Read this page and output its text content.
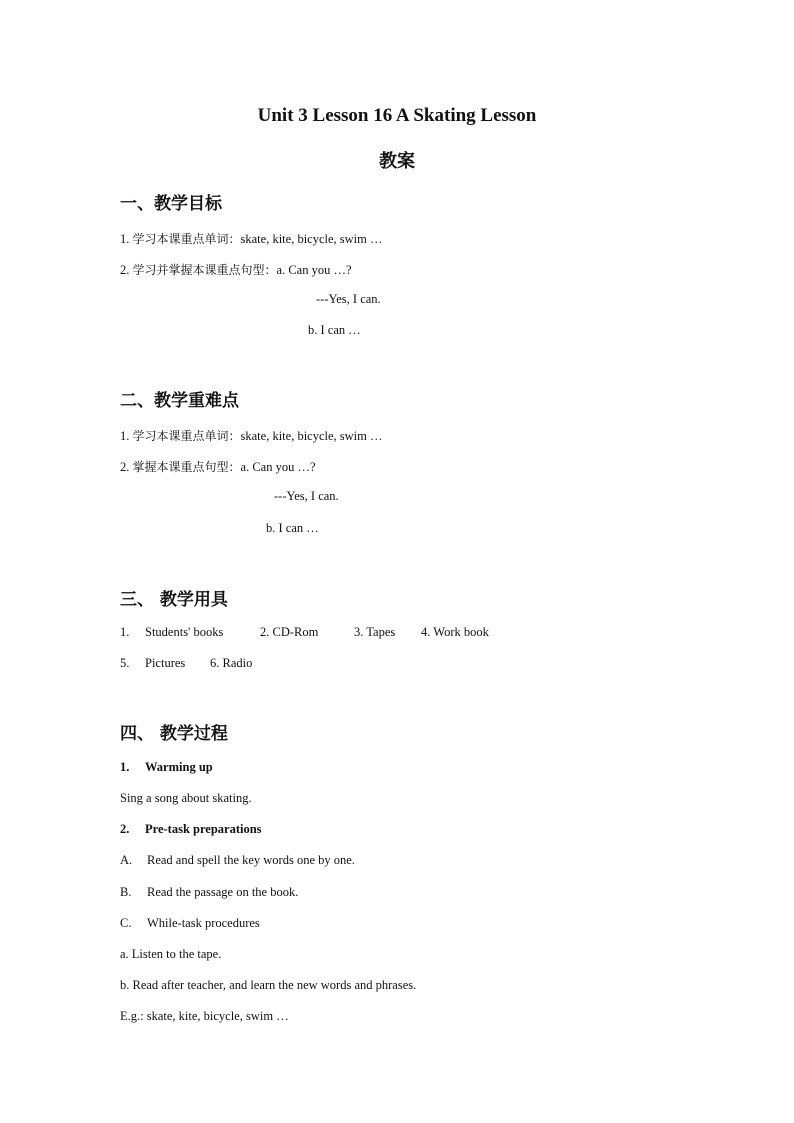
Unit 3 Lesson 16 A Skating Lesson
教案
一、教学目标
1. 学习本课重点单词：skate, kite, bicycle, swim …
2. 学习并掌握本课重点句型：a. Can you …?
---Yes, I can.
b. I can …
二、教学重难点
1. 学习本课重点单词：skate, kite, bicycle, swim …
2. 掌握本课重点句型：a. Can you …?
---Yes, I can.
b. I can …
三、 教学用具
1. Students' books	2. CD-Rom	3. Tapes 4. Work book
5. Pictures 6. Radio
四、 教学过程
1. Warming up
Sing a song about skating.
2. Pre-task preparations
A. Read and spell the key words one by one.
B. Read the passage on the book.
C. While-task procedures
a. Listen to the tape.
b. Read after teacher, and learn the new words and phrases.
E.g.: skate, kite, bicycle, swim …
